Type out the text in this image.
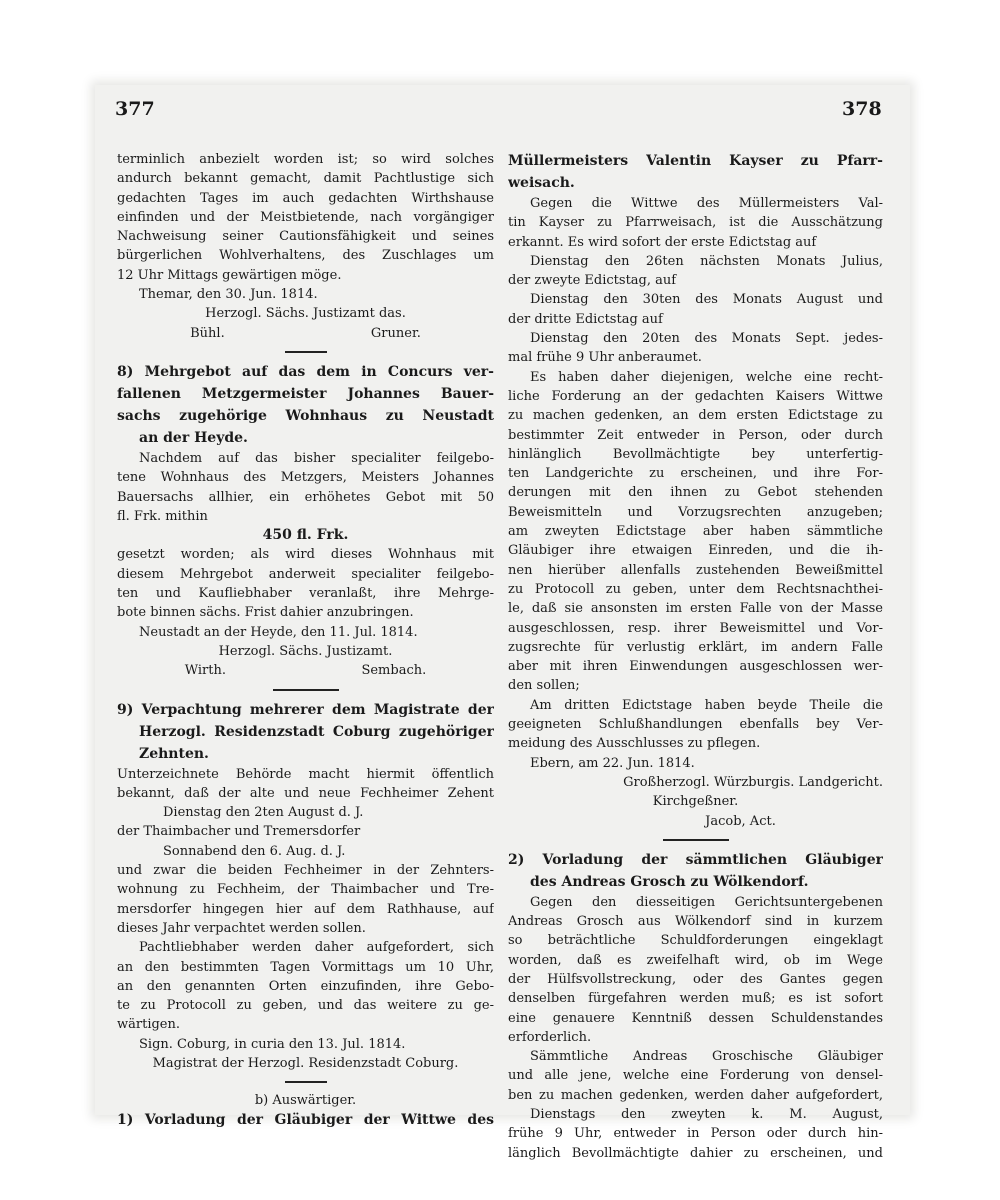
377	378

terminlich anbezielt worden ist; so wird solches
andurch bekannt gemacht, damit Pachtlustige sich
gedachten Tages im auch gedachten Wirthshause
einfinden und der Meistbietende, nach vorgängiger
Nachweisung seiner Cautionsfähigkeit und seines
bürgerlichen Wohlverhaltens, des Zuschlages um
12 Uhr Mittags gewärtigen möge.

Themar, den 30. Jun. 1814.

Herzogl. Sächs. Justizamt das.

Bühl.	Gruner.

8) Mehrgebot auf das dem in Concurs ver-
fallenen Metzgermeister Johannes Bauer-
sachs zugehörige Wohnhaus zu Neustadt
an der Heyde.

Nachdem auf das bisher specialiter feilgebo-
tene Wohnhaus des Metzgers, Meisters Johannes
Bauersachs allhier, ein erhöhetes Gebot mit 50
fl. Frk. mithin

450 fl. Frk.

gesetzt worden; als wird dieses Wohnhaus mit
diesem Mehrgebot anderweit specialiter feilgebo-
ten und Kaufliebhaber veranlaßt, ihre Mehrge-
bote binnen sächs. Frist dahier anzubringen.

Neustadt an der Heyde, den 11. Jul. 1814.

Herzogl. Sächs. Justizamt.

Wirth.	Sembach.

9) Verpachtung mehrerer dem Magistrate der
Herzogl. Residenzstadt Coburg zugehöriger
Zehnten.

Unterzeichnete Behörde macht hiermit öffentlich
bekannt, daß der alte und neue Fechheimer Zehent

Dienstag den 2ten August d. J.

der Thaimbacher und Tremersdorfer

Sonnabend den 6. Aug. d. J.

und zwar die beiden Fechheimer in der Zehnters-
wohnung zu Fechheim, der Thaimbacher und Tre-
mersdorfer hingegen hier auf dem Rathhause, auf
dieses Jahr verpachtet werden sollen.

Pachtliebhaber werden daher aufgefordert, sich
an den bestimmten Tagen Vormittags um 10 Uhr,
an den genannten Orten einzufinden, ihre Gebo-
te zu Protocoll zu geben, und das weitere zu ge-
wärtigen.

Sign. Coburg, in curia den 13. Jul. 1814.

Magistrat der Herzogl. Residenzstadt Coburg.

b) Auswärtiger.

1) Vorladung der Gläubiger der Wittwe des

Müllermeisters Valentin Kayser zu Pfarr-
weisach.

Gegen die Wittwe des Müllermeisters Val-
tin Kayser zu Pfarrweisach, ist die Ausschätzung
erkannt. Es wird sofort der erste Edictstag auf

Dienstag den 26ten nächsten Monats Julius,
der zweyte Edictstag, auf

Dienstag den 30ten des Monats August und
der dritte Edictstag auf

Dienstag den 20ten des Monats Sept. jedes-
mal frühe 9 Uhr anberaumet.

Es haben daher diejenigen, welche eine recht-
liche Forderung an der gedachten Kaisers Wittwe
zu machen gedenken, an dem ersten Edictstage zu
bestimmter Zeit entweder in Person, oder durch
hinlänglich Bevollmächtigte bey unterfertig-
ten Landgerichte zu erscheinen, und ihre For-
derungen mit den ihnen zu Gebot stehenden
Beweismitteln und Vorzugsrechten anzugeben;
am zweyten Edictstage aber haben sämmtliche
Gläubiger ihre etwaigen Einreden, und die ih-
nen hierüber allenfalls zustehenden Beweißmittel
zu Protocoll zu geben, unter dem Rechtsnachthei-
le, daß sie ansonsten im ersten Falle von der Masse
ausgeschlossen, resp. ihrer Beweismittel und Vor-
zugsrechte für verlustig erklärt, im andern Falle
aber mit ihren Einwendungen ausgeschlossen wer-
den sollen;

Am dritten Edictstage haben beyde Theile die
geeigneten Schlußhandlungen ebenfalls bey Ver-
meidung des Ausschlusses zu pflegen.

Ebern, am 22. Jun. 1814.

Großherzogl. Würzburgis. Landgericht.

Kirchgeßner.

Jacob, Act.

2) Vorladung der sämmtlichen Gläubiger
des Andreas Grosch zu Wölkendorf.

Gegen den diesseitigen Gerichtsuntergebenen
Andreas Grosch aus Wölkendorf sind in kurzem
so beträchtliche Schuldforderungen eingeklagt
worden, daß es zweifelhaft wird, ob im Wege
der Hülfsvollstreckung, oder des Gantes gegen
denselben fürgefahren werden muß; es ist sofort
eine genauere Kenntniß dessen Schuldenstandes
erforderlich.

Sämmtliche Andreas Groschische Gläubiger
und alle jene, welche eine Forderung von densel-
ben zu machen gedenken, werden daher aufgefordert,

Dienstags den zweyten k. M. August,
frühe 9 Uhr, entweder in Person oder durch hin-
länglich Bevollmächtigte dahier zu erscheinen, und
